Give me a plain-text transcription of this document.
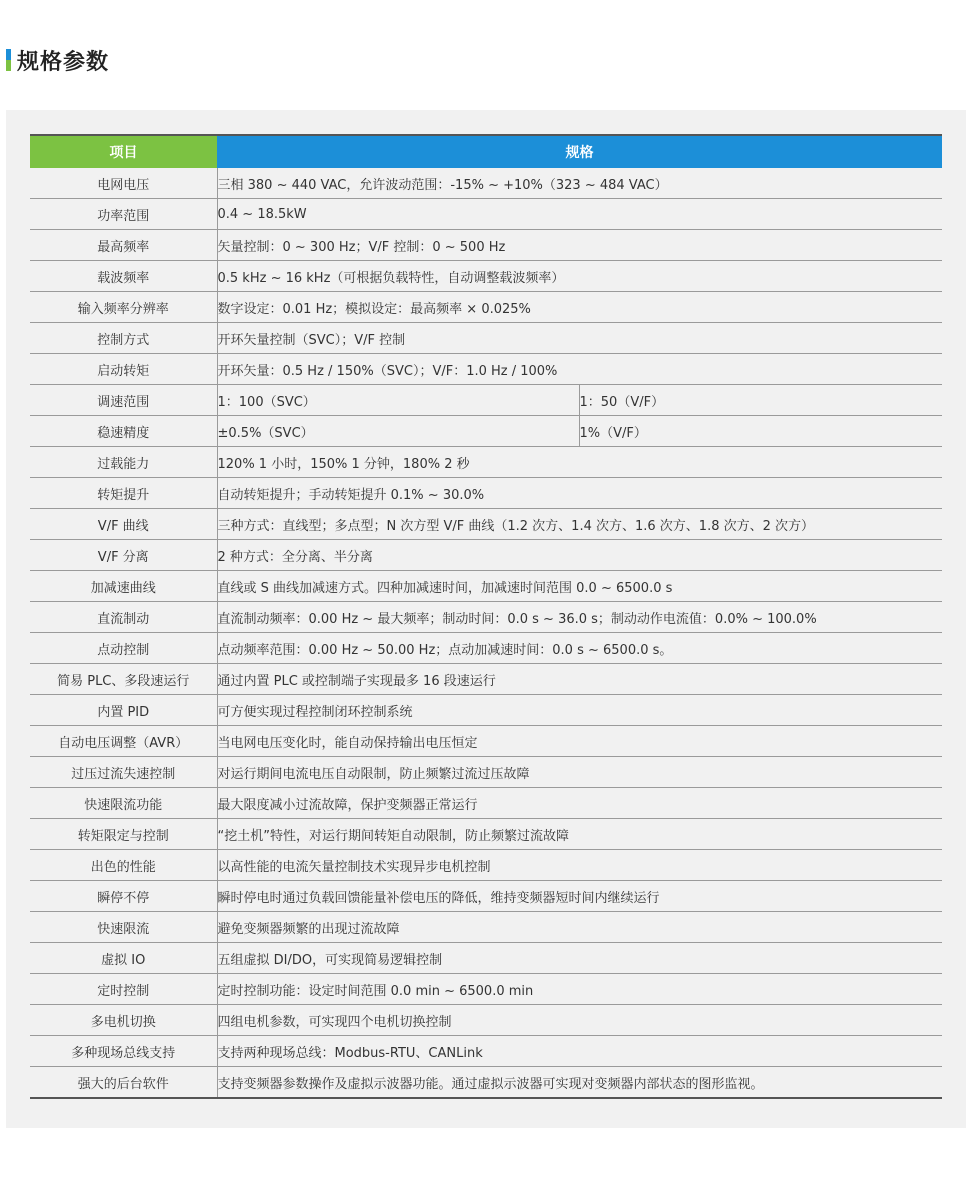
规格参数
项目	规格	
电网电压	三相 380 ~ 440 VAC，允许波动范围：-15% ~ +10%（323 ~ 484 VAC）	
功率范围	0.4 ~ 18.5kW	
最高频率	矢量控制：0 ~ 300 Hz；V/F 控制：0 ~ 500 Hz	
载波频率	0.5 kHz ~ 16 kHz（可根据负载特性，自动调整载波频率）	
输入频率分辨率	数字设定：0.01 Hz；模拟设定：最高频率 × 0.025%	
控制方式	开环矢量控制（SVC）；V/F 控制	
启动转矩	开环矢量：0.5 Hz / 150%（SVC）；V/F：1.0 Hz / 100%	
调速范围	1：100（SVC）	1：50（V/F）
稳速精度	±0.5%（SVC）	1%（V/F）
过载能力	120% 1 小时，150% 1 分钟，180% 2 秒	
转矩提升	自动转矩提升；手动转矩提升 0.1% ~ 30.0%	
V/F 曲线	三种方式：直线型；多点型；N 次方型 V/F 曲线（1.2 次方、1.4 次方、1.6 次方、1.8 次方、2 次方）	
V/F 分离	2 种方式：全分离、半分离	
加减速曲线	直线或 S 曲线加减速方式。四种加减速时间，加减速时间范围 0.0 ~ 6500.0 s	
直流制动	直流制动频率：0.00 Hz ~ 最大频率；制动时间：0.0 s ~ 36.0 s；制动动作电流值：0.0% ~ 100.0%	
点动控制	点动频率范围：0.00 Hz ~ 50.00 Hz；点动加减速时间：0.0 s ~ 6500.0 s。	
简易 PLC、多段速运行	通过内置 PLC 或控制端子实现最多 16 段速运行	
内置 PID	可方便实现过程控制闭环控制系统	
自动电压调整（AVR）	当电网电压变化时，能自动保持输出电压恒定	
过压过流失速控制	对运行期间电流电压自动限制，防止频繁过流过压故障	
快速限流功能	最大限度减小过流故障，保护变频器正常运行	
转矩限定与控制	“挖土机”特性，对运行期间转矩自动限制，防止频繁过流故障	
出色的性能	以高性能的电流矢量控制技术实现异步电机控制	
瞬停不停	瞬时停电时通过负载回馈能量补偿电压的降低，维持变频器短时间内继续运行	
快速限流	避免变频器频繁的出现过流故障	
虚拟 IO	五组虚拟 DI/DO，可实现简易逻辑控制	
定时控制	定时控制功能：设定时间范围 0.0 min ~ 6500.0 min	
多电机切换	四组电机参数，可实现四个电机切换控制	
多种现场总线支持	支持两种现场总线：Modbus-RTU、CANLink	
强大的后台软件	支持变频器参数操作及虚拟示波器功能。通过虚拟示波器可实现对变频器内部状态的图形监视。	
